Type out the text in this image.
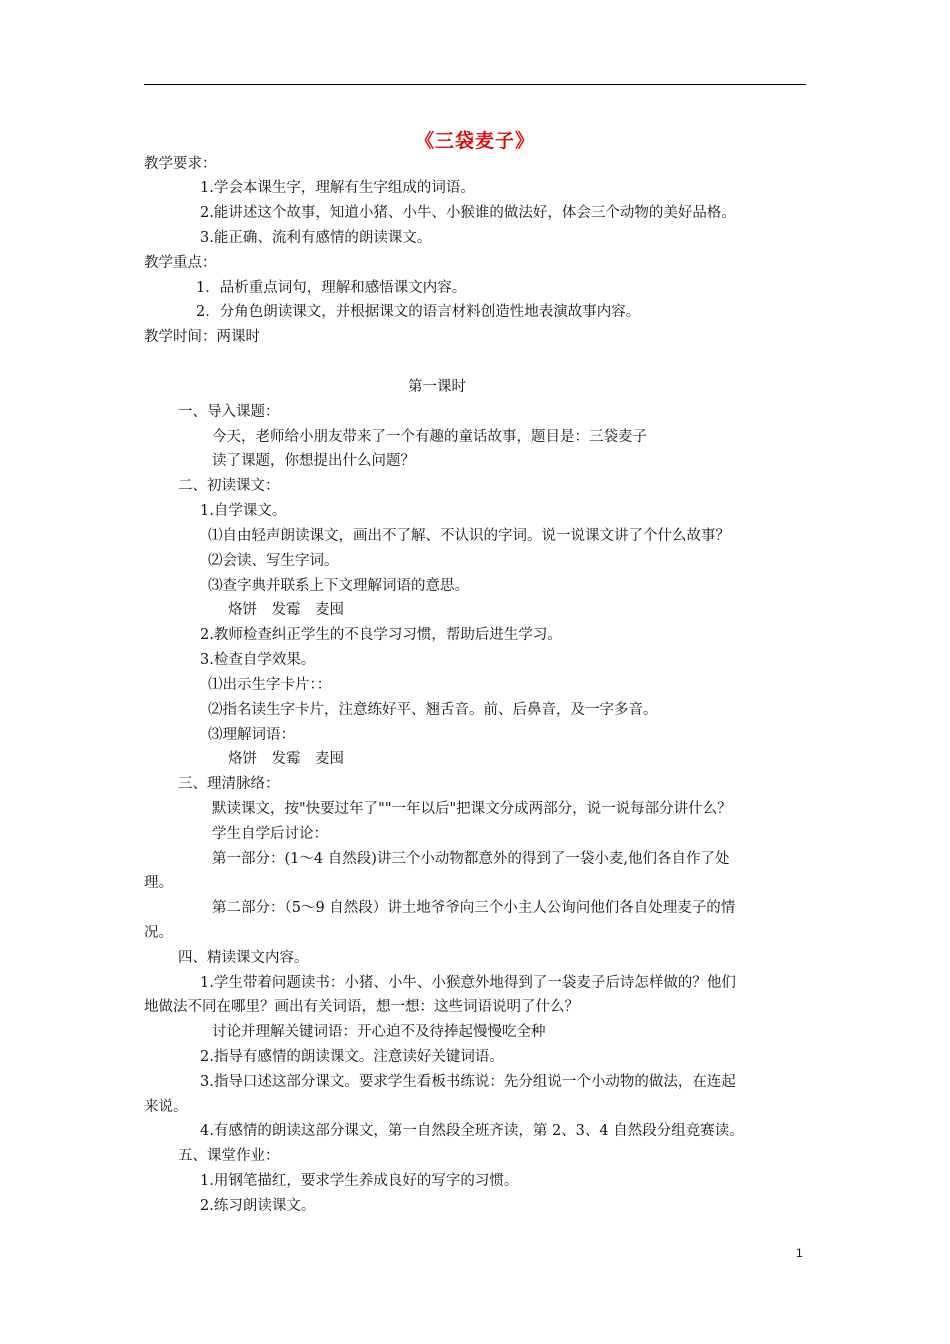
《三袋麦子》
教学要求：
1.学会本课生字，理解有生字组成的词语。
2.能讲述这个故事，知道小猪、小牛、小猴谁的做法好，体会三个动物的美好品格。
3.能正确、流利有感情的朗读课文。
教学重点：
1．品析重点词句，理解和感悟课文内容。
2．分角色朗读课文，并根据课文的语言材料创造性地表演故事内容。
教学时间：两课时
第一课时
一、导入课题：
今天，老师给小朋友带来了一个有趣的童话故事，题目是：三袋麦子
读了课题，你想提出什么问题？
二、初读课文：
1.自学课文。
⑴自由轻声朗读课文，画出不了解、不认识的字词。说一说课文讲了个什么故事？
⑵会读、写生字词。
⑶查字典并联系上下文理解词语的意思。
烙饼　发霉　麦囤
2.教师检查纠正学生的不良学习习惯，帮助后进生学习。
3.检查自学效果。
⑴出示生字卡片：：
⑵指名读生字卡片，注意练好平、翘舌音。前、后鼻音，及一字多音。
⑶理解词语：
烙饼　发霉　麦囤
三、理清脉络：
默读课文，按"快要过年了""一年以后"把课文分成两部分，说一说每部分讲什么？
学生自学后讨论：
第一部分：(1～4 自然段)讲三个小动物都意外的得到了一袋小麦,他们各自作了处
理。
第二部分：（5～9 自然段）讲土地爷爷向三个小主人公询问他们各自处理麦子的情
况。
四、精读课文内容。
1.学生带着问题读书：小猪、小牛、小猴意外地得到了一袋麦子后诗怎样做的？他们
地做法不同在哪里？画出有关词语，想一想：这些词语说明了什么？
讨论并理解关键词语：开心迫不及待捧起慢慢吃全种
2.指导有感情的朗读课文。注意读好关键词语。
3.指导口述这部分课文。要求学生看板书练说：先分组说一个小动物的做法，在连起
来说。
4.有感情的朗读这部分课文，第一自然段全班齐读，第 2、3、4 自然段分组竞赛读。
五、课堂作业：
1.用钢笔描红，要求学生养成良好的写字的习惯。
2.练习朗读课文。
1
